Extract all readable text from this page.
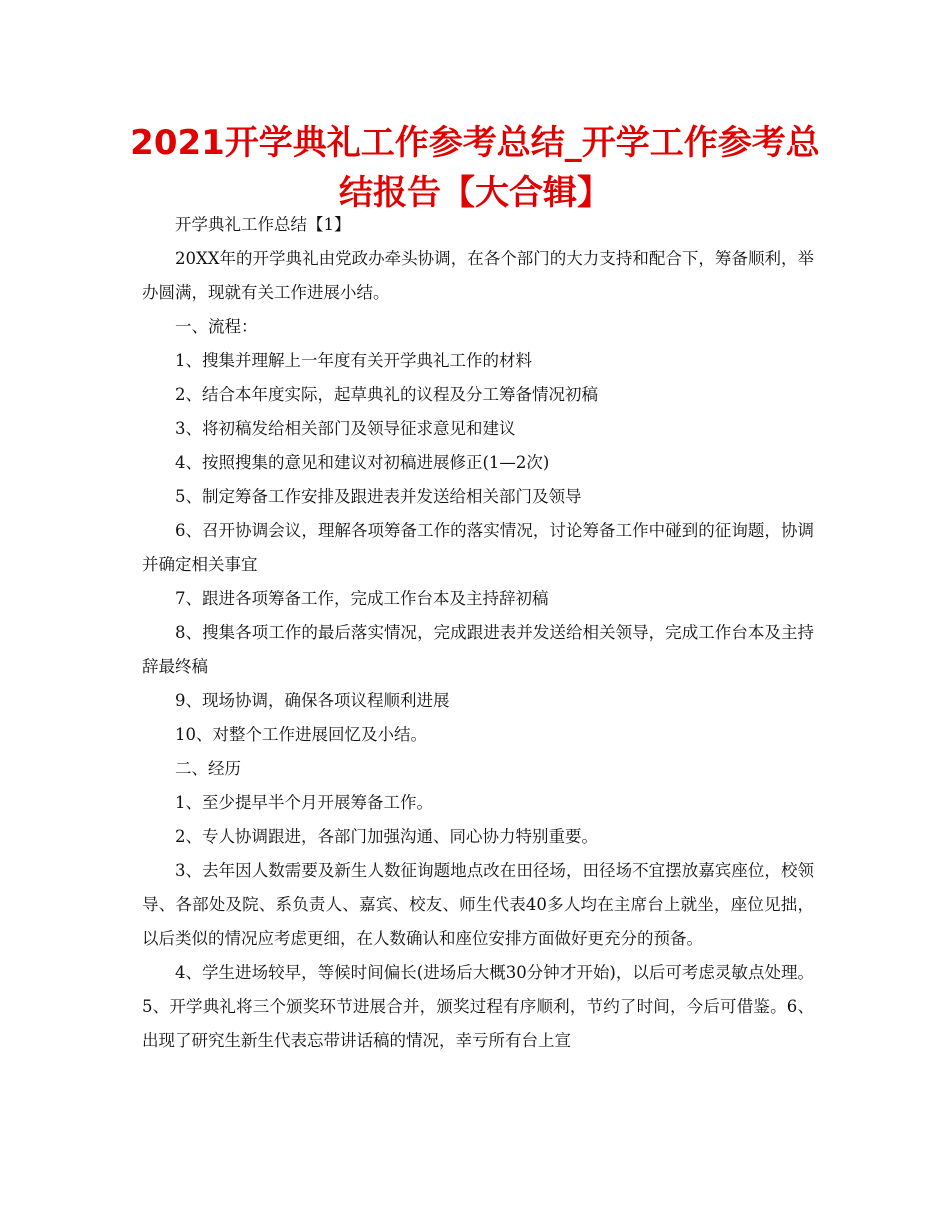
2021开学典礼工作参考总结_开学工作参考总结报告【大合辑】

开学典礼工作总结【1】

20XX年的开学典礼由党政办牵头协调，在各个部门的大力支持和配合下，筹备顺利，举办圆满，现就有关工作进展小结。

一、流程：

1、搜集并理解上一年度有关开学典礼工作的材料

2、结合本年度实际，起草典礼的议程及分工筹备情况初稿

3、将初稿发给相关部门及领导征求意见和建议

4、按照搜集的意见和建议对初稿进展修正(1—2次)

5、制定筹备工作安排及跟进表并发送给相关部门及领导

6、召开协调会议，理解各项筹备工作的落实情况，讨论筹备工作中碰到的征询题，协调并确定相关事宜

7、跟进各项筹备工作，完成工作台本及主持辞初稿

8、搜集各项工作的最后落实情况，完成跟进表并发送给相关领导，完成工作台本及主持辞最终稿

9、现场协调，确保各项议程顺利进展

10、对整个工作进展回忆及小结。

二、经历

1、至少提早半个月开展筹备工作。

2、专人协调跟进，各部门加强沟通、同心协力特别重要。

3、去年因人数需要及新生人数征询题地点改在田径场，田径场不宜摆放嘉宾座位，校领导、各部处及院、系负责人、嘉宾、校友、师生代表40多人均在主席台上就坐，座位见拙，以后类似的情况应考虑更细，在人数确认和座位安排方面做好更充分的预备。

4、学生进场较早，等候时间偏长(进场后大概30分钟才开始)，以后可考虑灵敏点处理。5、开学典礼将三个颁奖环节进展合并，颁奖过程有序顺利，节约了时间，今后可借鉴。6、出现了研究生新生代表忘带讲话稿的情况，幸亏所有台上宣
